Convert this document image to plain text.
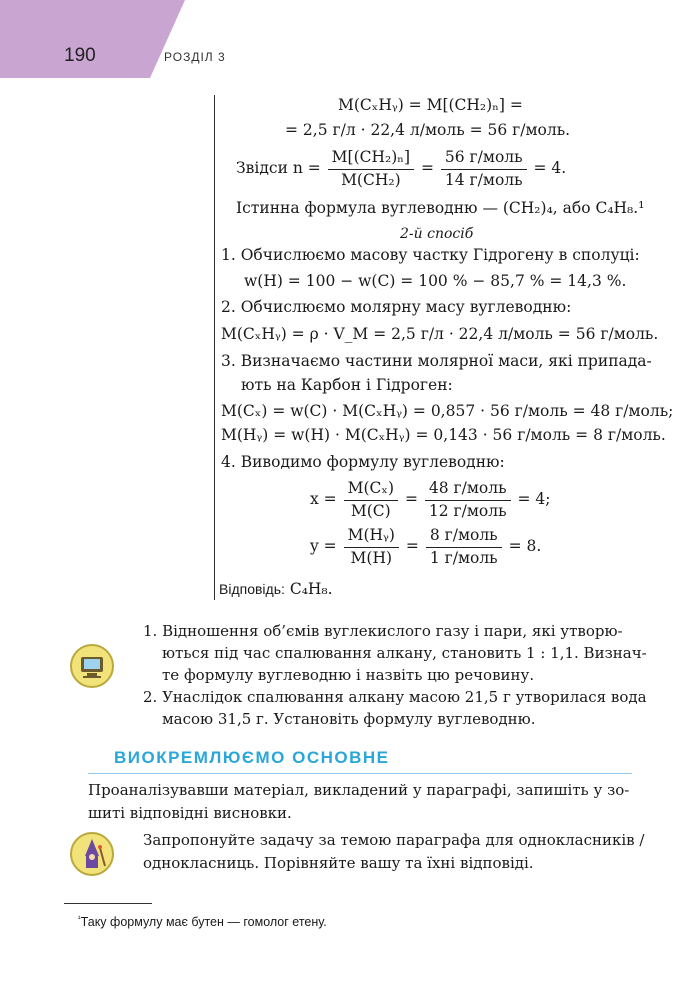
190	РОЗДІЛ 3
M(CₓHᵧ) = M[(CH₂)ₙ] =
= 2,5 г/л · 22,4 л/моль = 56 г/моль.
Звідси $n = \frac{\text{M[(CH₂)ₙ]}}{\text{M(CH₂)}} = \frac{\text{56 г/моль}}{\text{14 г/моль}} = 4$.
Істинна формула вуглеводню — (CH₂)₄, або C₄H₈.¹
2-й спосіб
1. Обчислюємо масову частку Гідрогену в сполуці:
w(H) = 100 − w(C) = 100 % − 85,7 % = 14,3 %.
2. Обчислюємо молярну масу вуглеводню:
M(CₓHᵧ) = ρ · V_M = 2,5 г/л · 22,4 л/моль = 56 г/моль.
3. Визначаємо частини молярної маси, які припада-
ють на Карбон і Гідроген:
M(Cₓ) = w(C) · M(CₓHᵧ) = 0,857 · 56 г/моль = 48 г/моль;
M(Hᵧ) = w(H) · M(CₓHᵧ) = 0,143 · 56 г/моль = 8 г/моль.
4. Виводимо формулу вуглеводню:
$x = \frac{\text{M(Cₓ)}}{M(C)} = \frac{\text{48 г/моль}}{\text{12 г/моль}} = 4$;
$y = \frac{\text{M(Hᵧ)}}{M(H)} = \frac{\text{8 г/моль}}{\text{1 г/моль}} = 8$.
Відповідь: C₄H₈.
1. Відношення об’ємів вуглекислого газу і пари, які утворю-
ються під час спалювання алкану, становить 1 : 1,1. Визнач-
те формулу вуглеводню і назвіть цю речовину.
2. Унаслідок спалювання алкану масою 21,5 г утворилася вода
масою 31,5 г. Установіть формулу вуглеводню.
ВИОКРЕМЛЮЄМО ОСНОВНЕ
Проаналізувавши матеріал, викладений у параграфі, запишіть у зо-
шиті відповідні висновки.
Запропонуйте задачу за темою параграфа для однокласників /
однокласниць. Порівняйте вашу та їхні відповіді.
$^{^1}$Таку формулу має бутен — гомолог етену.
